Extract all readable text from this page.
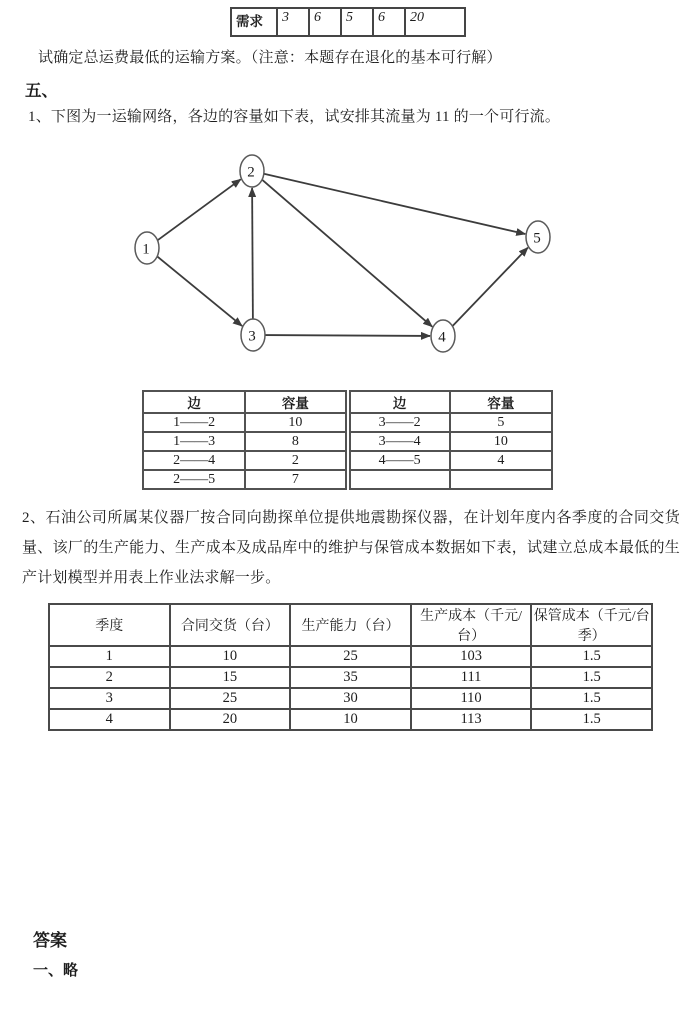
需求	3	6	5	6	20
试确定总运费最低的运输方案。（注意：本题存在退化的基本可行解）
五、
1、下图为一运输网络，各边的容量如下表，试安排其流量为 11 的一个可行流。
1
2
3	4
5
边	容量	边	容量
1——2	10	3——2	5
1——3	8	3——4	10
2——4	2	4——5	4
2——5	7		
2、石油公司所属某仪器厂按合同向勘探单位提供地震勘探仪器，在计划年度内各季度的合同交货量、该厂的生产能力、生产成本及成品库中的维护与保管成本数据如下表，试建立总成本最低的生产计划模型并用表上作业法求解一步。
季度	合同交货（台）	生产能力（台）	生产成本（千元/台）	保管成本（千元/台季）
1	10	25	103	1.5
2	15	35	111	1.5
3	25	30	110	1.5
4	20	10	113	1.5
答案
一、略
